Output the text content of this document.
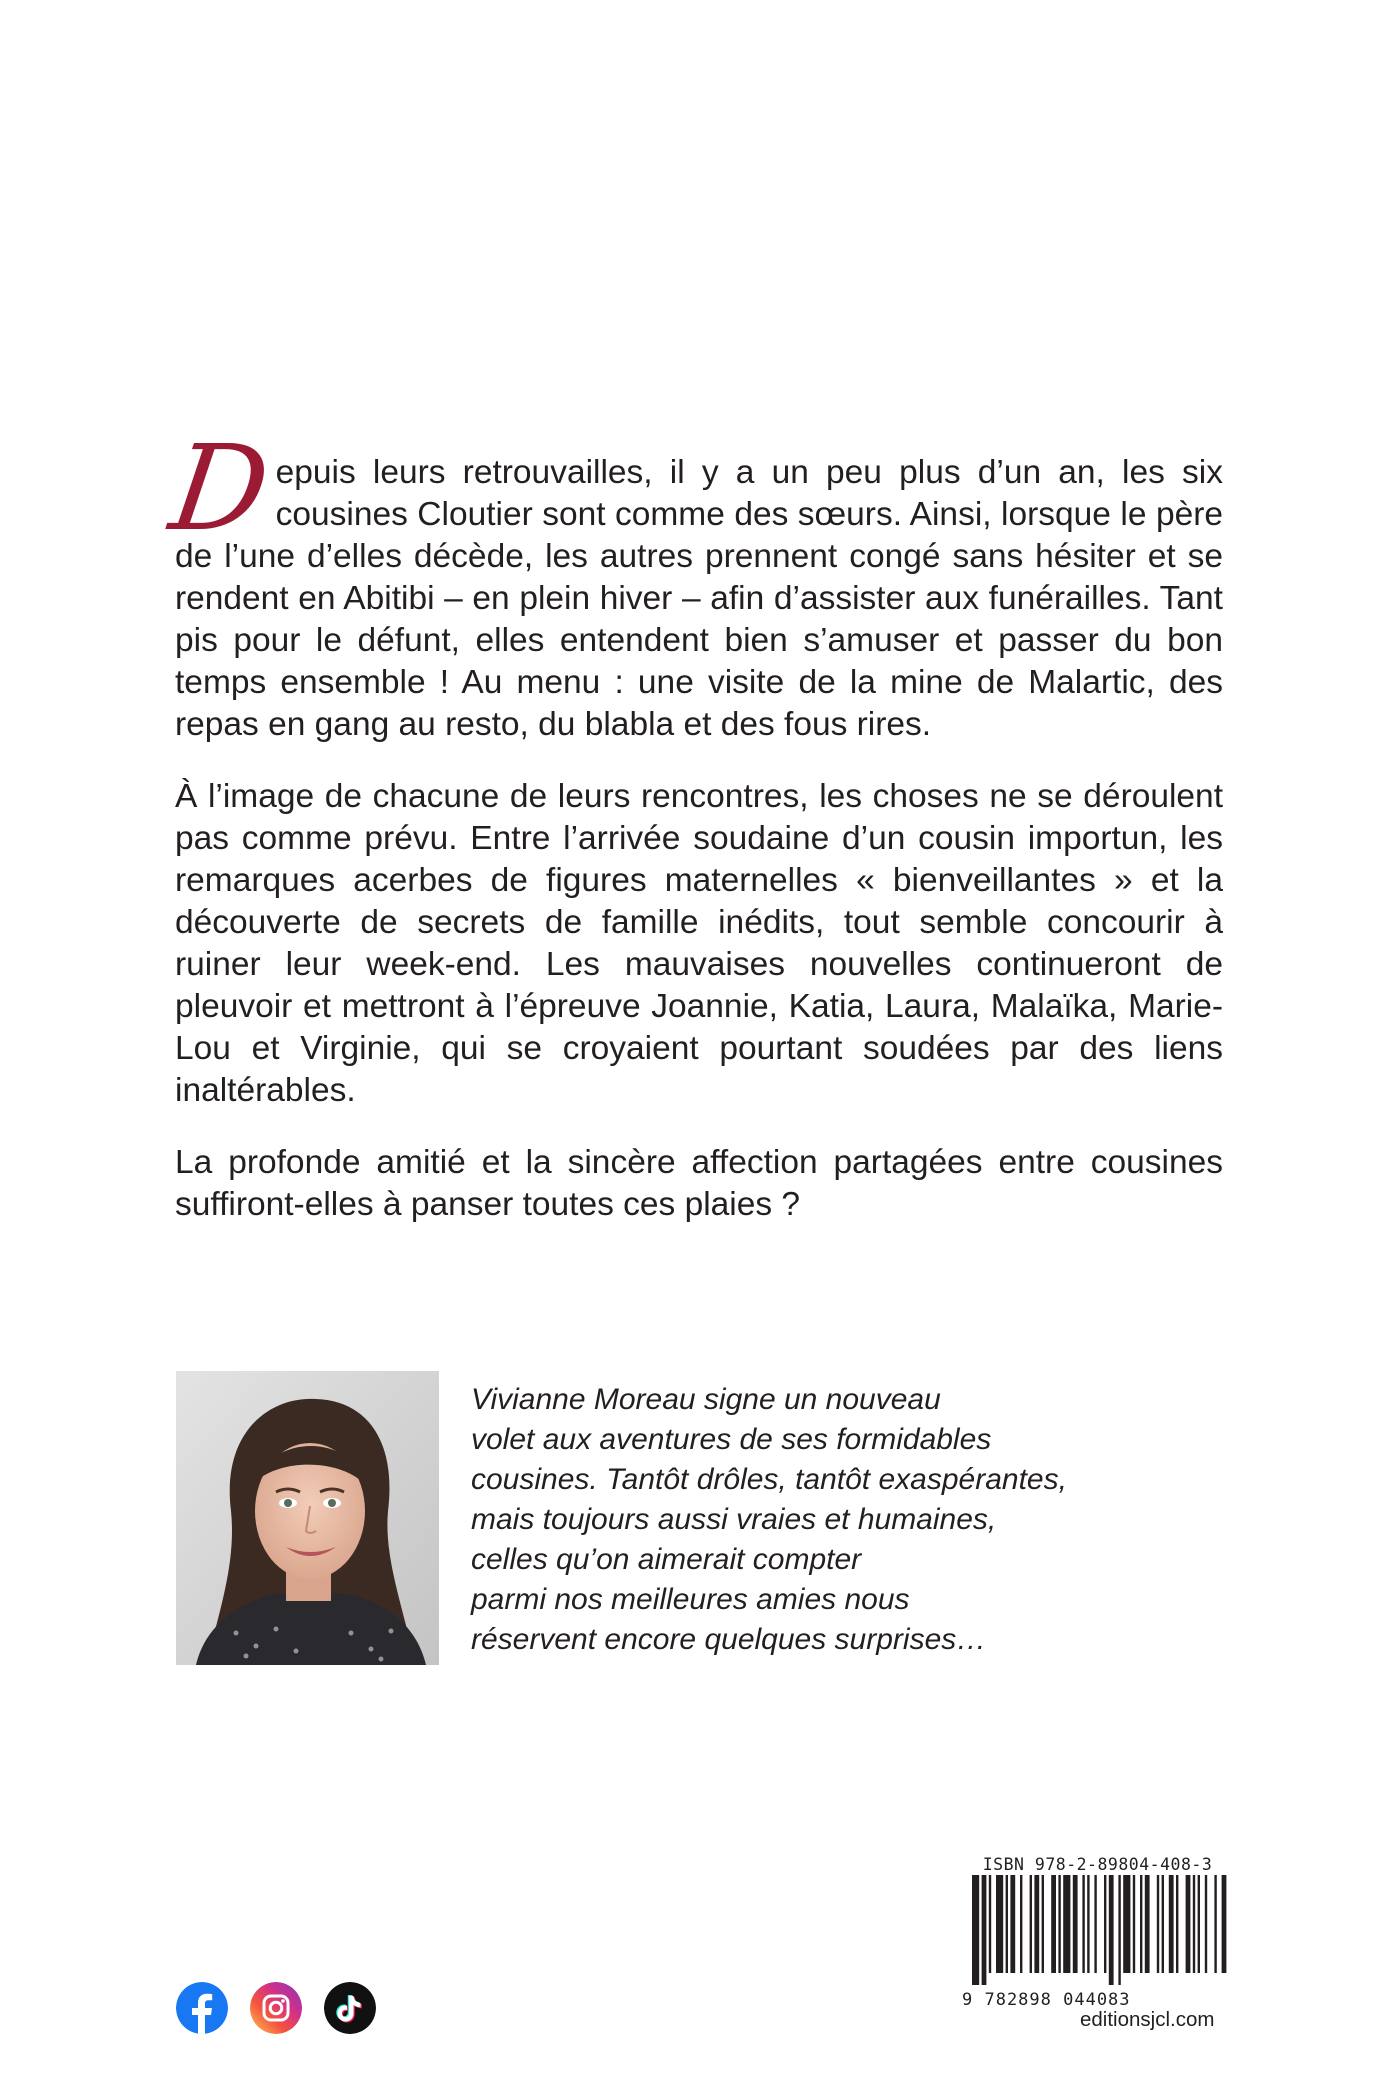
D
epuis leurs retrouvailles, il y a un peu plus d’un an, les six cousines Cloutier sont comme des sœurs. Ainsi, lorsque le père de l’une d’elles décède, les autres prennent congé sans hésiter et se rendent en Abitibi – en plein hiver – afin d’assister aux funérailles. Tant pis pour le défunt, elles entendent bien s’amuser et passer du bon temps ensemble ! Au menu : une visite de la mine de Malartic, des repas en gang au resto, du blabla et des fous rires.

À l’image de chacune de leurs rencontres, les choses ne se déroulent pas comme prévu. Entre l’arrivée soudaine d’un cousin importun, les remarques acerbes de figures maternelles « bienveillantes » et la découverte de secrets de famille inédits, tout semble concourir à ruiner leur week-end. Les mauvaises nouvelles continueront de pleuvoir et mettront à l’épreuve Joannie, Katia, Laura, Malaïka, Marie-Lou et Virginie, qui se croyaient pourtant soudées par des liens inaltérables.

La profonde amitié et la sincère affection partagées entre cousines suffiront-elles à panser toutes ces plaies ?

Vivianne Moreau signe un nouveau
volet aux aventures de ses formidables
cousines. Tantôt drôles, tantôt exaspérantes,
mais toujours aussi vraies et humaines,
celles qu’on aimerait compter
parmi nos meilleures amies nous
réservent encore quelques surprises…
ISBN 978-2-89804-408-3
9 782898 044083
editionsjcl.com
